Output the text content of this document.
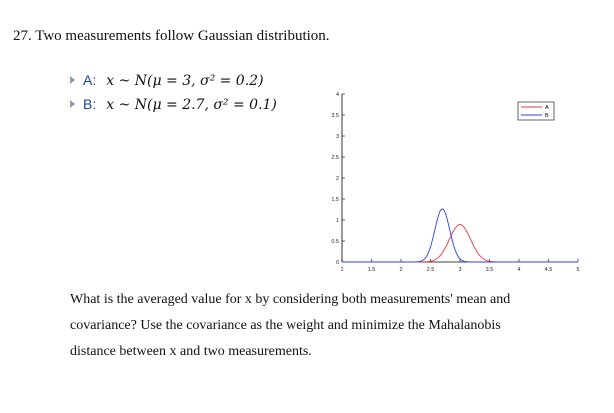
27. Two measurements follow Gaussian distribution.
A: x ~ N(μ = 3, σ² = 0.2)
B: x ~ N(μ = 2.7, σ² = 0.1)
1	1.5	2	2.5	3	3.5	4	4.5	5
0
0.5
1
1.5
2
2.5
3
3.5
4
A
B
What is the averaged value for x by considering both measurements' mean and
covariance? Use the covariance as the weight and minimize the Mahalanobis
distance between x and two measurements.
